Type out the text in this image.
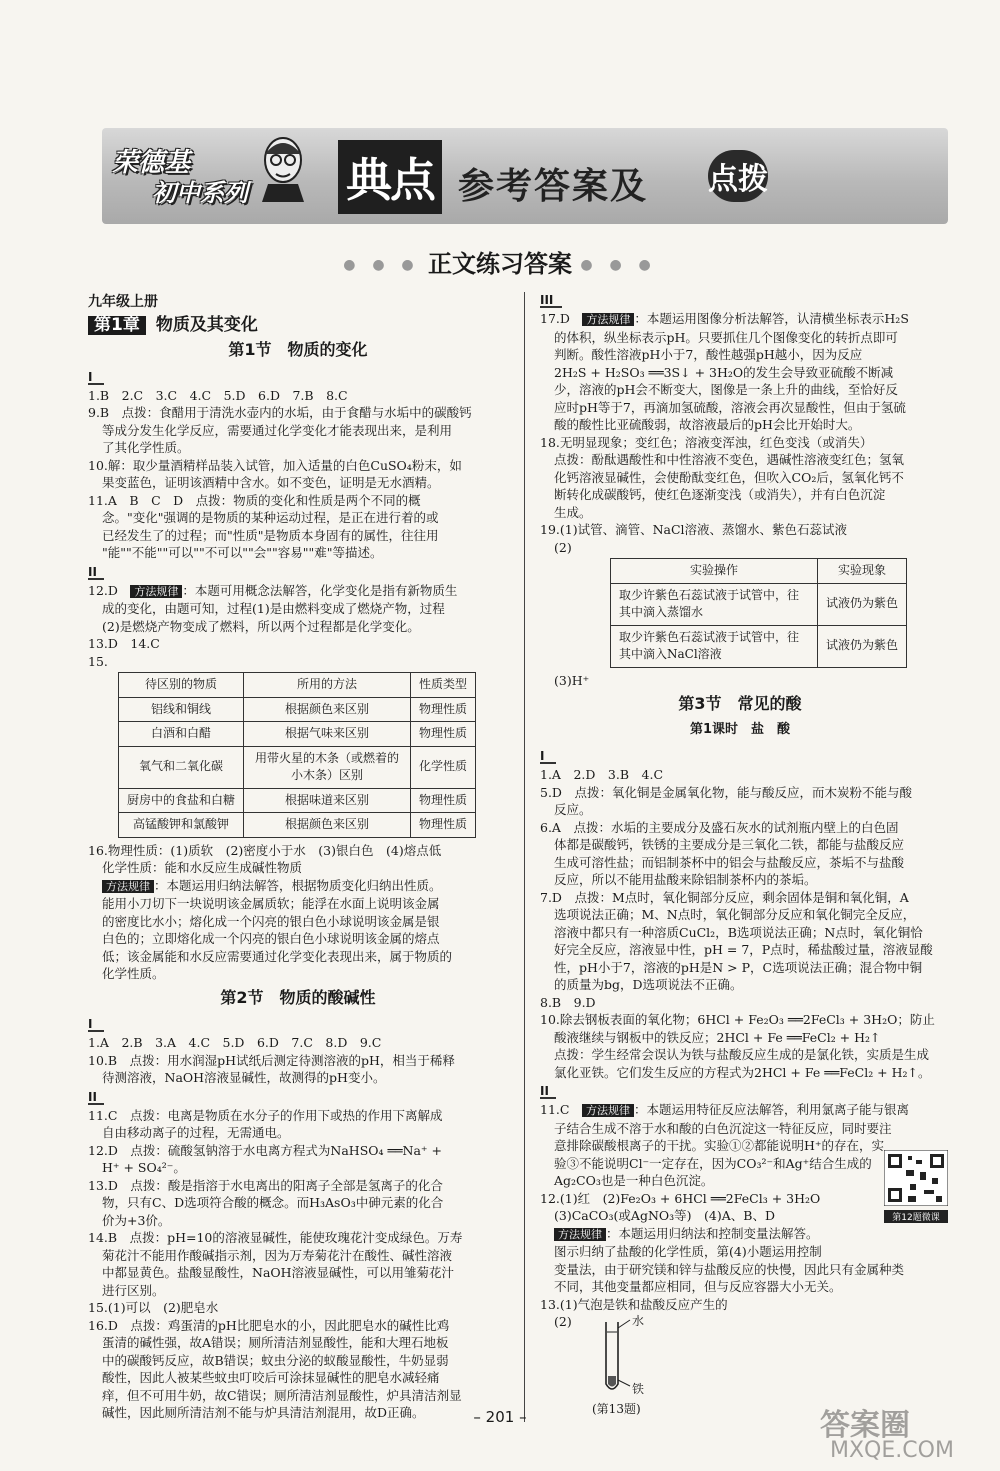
荣德基
初中系列	典点 参考答案及 点拨
● ● ● 正文练习答案 ● ● ●
九年级上册
第1章 物质及其变化
第1节　物质的变化
I

1.B　2.C　3.C　4.C　5.D　6.D　7.B　8.C

9.B　点拨：食醋用于清洗水壶内的水垢，由于食醋与水垢中的碳酸钙

等成分发生化学反应，需要通过化学变化才能表现出来，是利用

了其化学性质。

10.解：取少量酒精样品装入试管，加入适量的白色CuSO₄粉末，如

果变蓝色，证明该酒精中含水。如不变色，证明是无水酒精。

11.A　B　C　D　点拨：物质的变化和性质是两个不同的概

念。"变化"强调的是物质的某种运动过程，是正在进行着的或

已经发生了的过程；而"性质"是物质本身固有的属性，往往用

"能""不能""可以""不可以""会""容易""难"等描述。

II

12.D　方法规律 ：本题可用概念法解答，化学变化是指有新物质生

成的变化，由题可知，过程(1)是由燃料变成了燃烧产物，过程

(2)是燃烧产物变成了燃料，所以两个过程都是化学变化。

13.D　14.C

15.

待区别的物质	所用的方法	性质类型
铝线和铜线	根据颜色来区别	物理性质
白酒和白醋	根据气味来区别	物理性质
氧气和二氧化碳	用带火星的木条（或燃着的小木条）区别	化学性质
厨房中的食盐和白糖	根据味道来区别	物理性质
高锰酸钾和氯酸钾	根据颜色来区别	物理性质

16.物理性质：(1)质软　(2)密度小于水　(3)银白色　(4)熔点低

化学性质：能和水反应生成碱性物质

方法规律 ：本题运用归纳法解答，根据物质变化归纳出性质。

能用小刀切下一块说明该金属质软；能浮在水面上说明该金属

的密度比水小；熔化成一个闪亮的银白色小球说明该金属是银

白色的；立即熔化成一个闪亮的银白色小球说明该金属的熔点

低；该金属能和水反应需要通过化学变化表现出来，属于物质的

化学性质。

第2节　物质的酸碱性
I

1.A　2.B　3.A　4.C　5.D　6.D　7.C　8.D　9.C

10.B　点拨：用水润湿pH试纸后测定待测溶液的pH，相当于稀释

待测溶液，NaOH溶液显碱性，故测得的pH变小。

II

11.C　点拨：电离是物质在水分子的作用下或热的作用下离解成

自由移动离子的过程，无需通电。

12.D　点拨：硫酸氢钠溶于水电离方程式为NaHSO₄ ══Na⁺ +

H⁺ + SO₄²⁻。

13.D　点拨：酸是指溶于水电离出的阳离子全部是氢离子的化合

物，只有C、D选项符合酸的概念。而H₃AsO₃中砷元素的化合

价为+3价。

14.B　点拨：pH=10的溶液显碱性，能使玫瑰花汁变成绿色。万寿

菊花汁不能用作酸碱指示剂，因为万寿菊花汁在酸性、碱性溶液

中都显黄色。盐酸显酸性，NaOH溶液显碱性，可以用雏菊花汁

进行区别。

15.(1)可以　(2)肥皂水

16.D　点拨：鸡蛋清的pH比肥皂水的小，因此肥皂水的碱性比鸡

蛋清的碱性强，故A错误；厕所清洁剂显酸性，能和大理石地板

中的碳酸钙反应，故B错误；蚊虫分泌的蚁酸显酸性，牛奶显弱

酸性，因此人被某些蚊虫叮咬后可涂抹显碱性的肥皂水减轻痛

痒，但不可用牛奶，故C错误；厕所清洁剂显酸性，炉具清洁剂显

碱性，因此厕所清洁剂不能与炉具清洁剂混用，故D正确。

III

17.D　方法规律 ：本题运用图像分析法解答，认清横坐标表示H₂S

的体积，纵坐标表示pH。只要抓住几个图像变化的转折点即可

判断。酸性溶液pH小于7，酸性越强pH越小，因为反应

2H₂S + H₂SO₃ ══3S↓ + 3H₂O的发生会导致亚硫酸不断减

少，溶液的pH会不断变大，图像是一条上升的曲线，至恰好反

应时pH等于7，再滴加氢硫酸，溶液会再次显酸性，但由于氢硫

酸的酸性比亚硫酸弱，故溶液最后的pH会比开始时大。

18.无明显现象；变红色；溶液变浑浊，红色变浅（或消失）

点拨：酚酞遇酸性和中性溶液不变色，遇碱性溶液变红色；氢氧

化钙溶液显碱性，会使酚酞变红色，但吹入CO₂后，氢氧化钙不

断转化成碳酸钙，使红色逐渐变浅（或消失），并有白色沉淀

生成。

19.(1)试管、滴管、NaCl溶液、蒸馏水、紫色石蕊试液

(2)

实验操作	实验现象
取少许紫色石蕊试液于试管中，往其中滴入蒸馏水	试液仍为紫色
取少许紫色石蕊试液于试管中，往其中滴入NaCl溶液	试液仍为紫色

(3)H⁺

第3节　常见的酸
第1课时　盐　酸
I

1.A　2.D　3.B　4.C

5.D　点拨：氧化铜是金属氧化物，能与酸反应，而木炭粉不能与酸

反应。

6.A　点拨：水垢的主要成分及盛石灰水的试剂瓶内壁上的白色固

体都是碳酸钙，铁锈的主要成分是三氧化二铁，都能与盐酸反应

生成可溶性盐；而铝制茶杯中的铝会与盐酸反应，茶垢不与盐酸

反应，所以不能用盐酸来除铝制茶杯内的茶垢。

7.D　点拨：M点时，氧化铜部分反应，剩余固体是铜和氧化铜，A

选项说法正确；M、N点时，氧化铜部分反应和氧化铜完全反应，

溶液中都只有一种溶质CuCl₂，B选项说法正确；N点时，氧化铜恰

好完全反应，溶液显中性，pH = 7，P点时，稀盐酸过量，溶液显酸

性，pH小于7，溶液的pH是N > P，C选项说法正确；混合物中铜

的质量为bg，D选项说法不正确。

8.B　9.D

10.除去钢板表面的氧化物；6HCl + Fe₂O₃ ══2FeCl₃ + 3H₂O；防止

酸液继续与钢板中的铁反应；2HCl + Fe ══FeCl₂ + H₂↑

点拨：学生经常会误认为铁与盐酸反应生成的是氯化铁，实质是生成

氯化亚铁。它们发生反应的方程式为2HCl + Fe ══FeCl₂ + H₂↑。

II

11.C　方法规律 ：本题运用特征反应法解答，利用氯离子能与银离

子结合生成不溶于水和酸的白色沉淀这一特征反应，同时要注

意排除碳酸根离子的干扰。实验①②都能说明H⁺的存在，实

验③不能说明Cl⁻一定存在，因为CO₃²⁻和Ag⁺结合生成的

Ag₂CO₃也是一种白色沉淀。

12.(1)红　(2)Fe₂O₃ + 6HCl ══2FeCl₃ + 3H₂O

(3)CaCO₃(或AgNO₃等)　(4)A、B、D

方法规律 ：本题运用归纳法和控制变量法解答。

图示归纳了盐酸的化学性质，第(4)小题运用控制

变量法，由于研究镁和锌与盐酸反应的快慢，因此只有金属种类

不同，其他变量都应相同，但与反应容器大小无关。

13.(1)气泡是铁和盐酸反应产生的

(2)

第12题微课
水
铁
(第13题)
– 201 –	答案圈
MXQE.COM
